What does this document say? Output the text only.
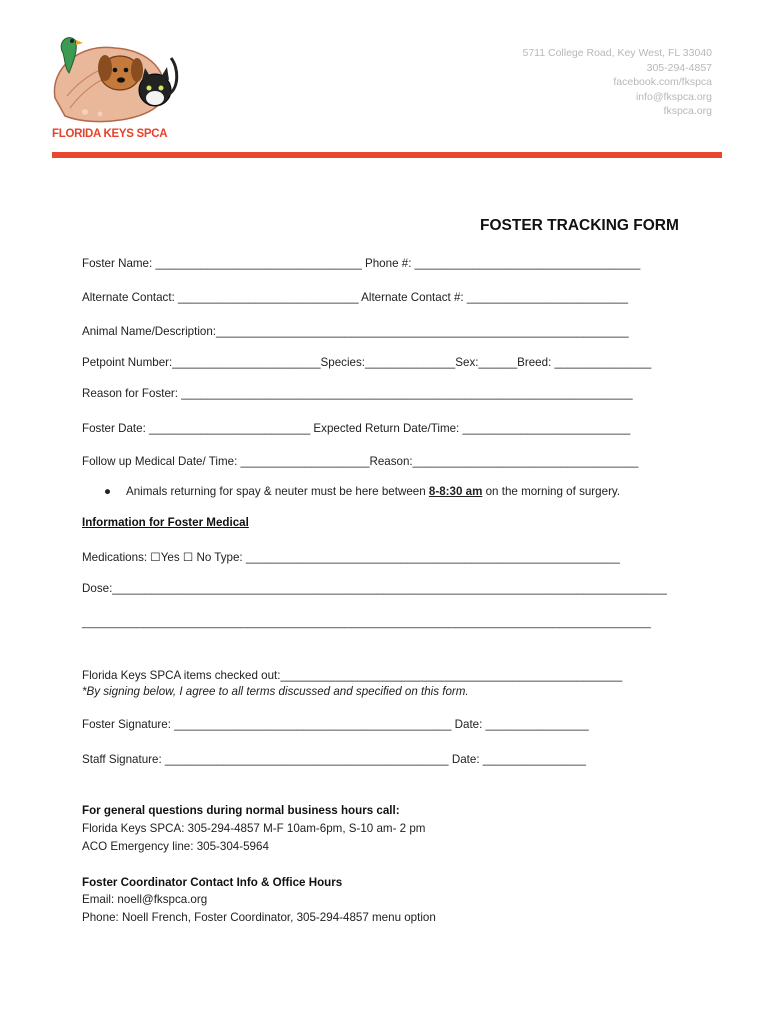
FLORIDA KEYS SPCA
5711 College Road, Key West, FL 33040
305-294-4857
facebook.com/fkspca
info@fkspca.org
fkspca.org
FOSTER TRACKING FORM
Foster Name: ________________________________ Phone #: ___________________________________
Alternate Contact: ____________________________ Alternate Contact #: _________________________
Animal Name/Description:________________________________________________________________
Petpoint Number:_______________________Species:______________Sex:______Breed: _______________
Reason for Foster: ______________________________________________________________________
Foster Date: _________________________ Expected Return Date/Time: __________________________
Follow up Medical Date/ Time: ____________________Reason:___________________________________
● Animals returning for spay & neuter must be here between 8-8:30 am on the morning of surgery.
Information for Foster Medical
Medications: ☐Yes ☐ No Type: __________________________________________________________
Dose:______________________________________________________________________________________
_____________________________________________________________________________________________
Florida Keys SPCA items checked out:_____________________________________________________
*By signing below, I agree to all terms discussed and specified on this form.
Foster Signature: ___________________________________________ Date: ________________
Staff Signature: ____________________________________________ Date: ________________
For general questions during normal business hours call:
Florida Keys SPCA: 305-294-4857 M-F 10am-6pm, S-10 am- 2 pm
ACO Emergency line: 305-304-5964
Foster Coordinator Contact Info & Office Hours
Email: noell@fkspca.org
Phone: Noell French, Foster Coordinator, 305-294-4857 menu option
